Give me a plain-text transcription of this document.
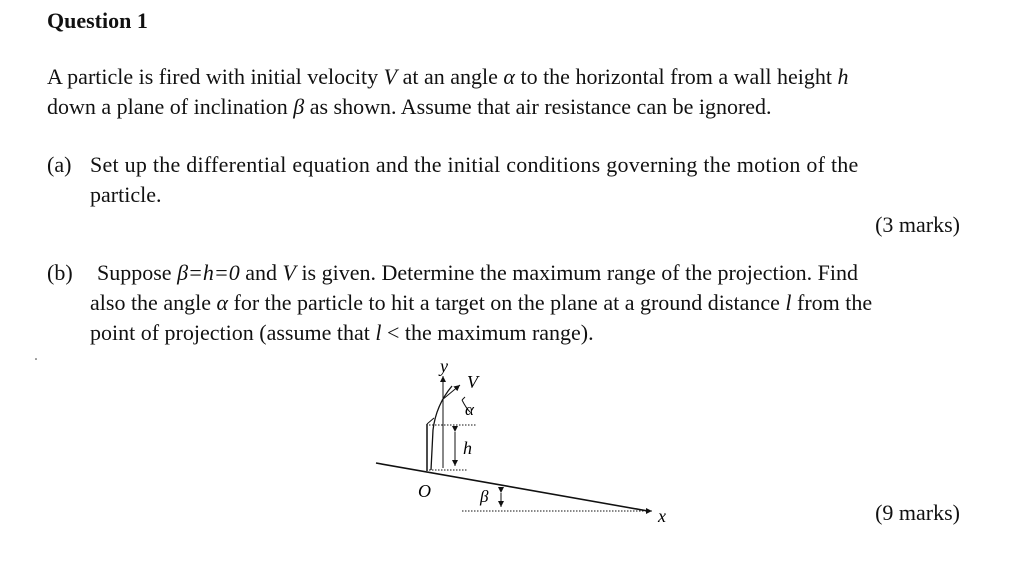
Question 1
A particle is fired with initial velocity V at an angle α to the horizontal from a wall height h
down a plane of inclination β as shown. Assume that air resistance can be ignored.
(a) Set up the differential equation and the initial conditions governing the motion of the
particle.
(3 marks)
(b) Suppose β=h=0 and V is given. Determine the maximum range of the projection. Find
also the angle α for the particle to hit a target on the plane at a ground distance l from the
point of projection (assume that l < the maximum range).
(9 marks)
y
V
α
h
O	β
x
